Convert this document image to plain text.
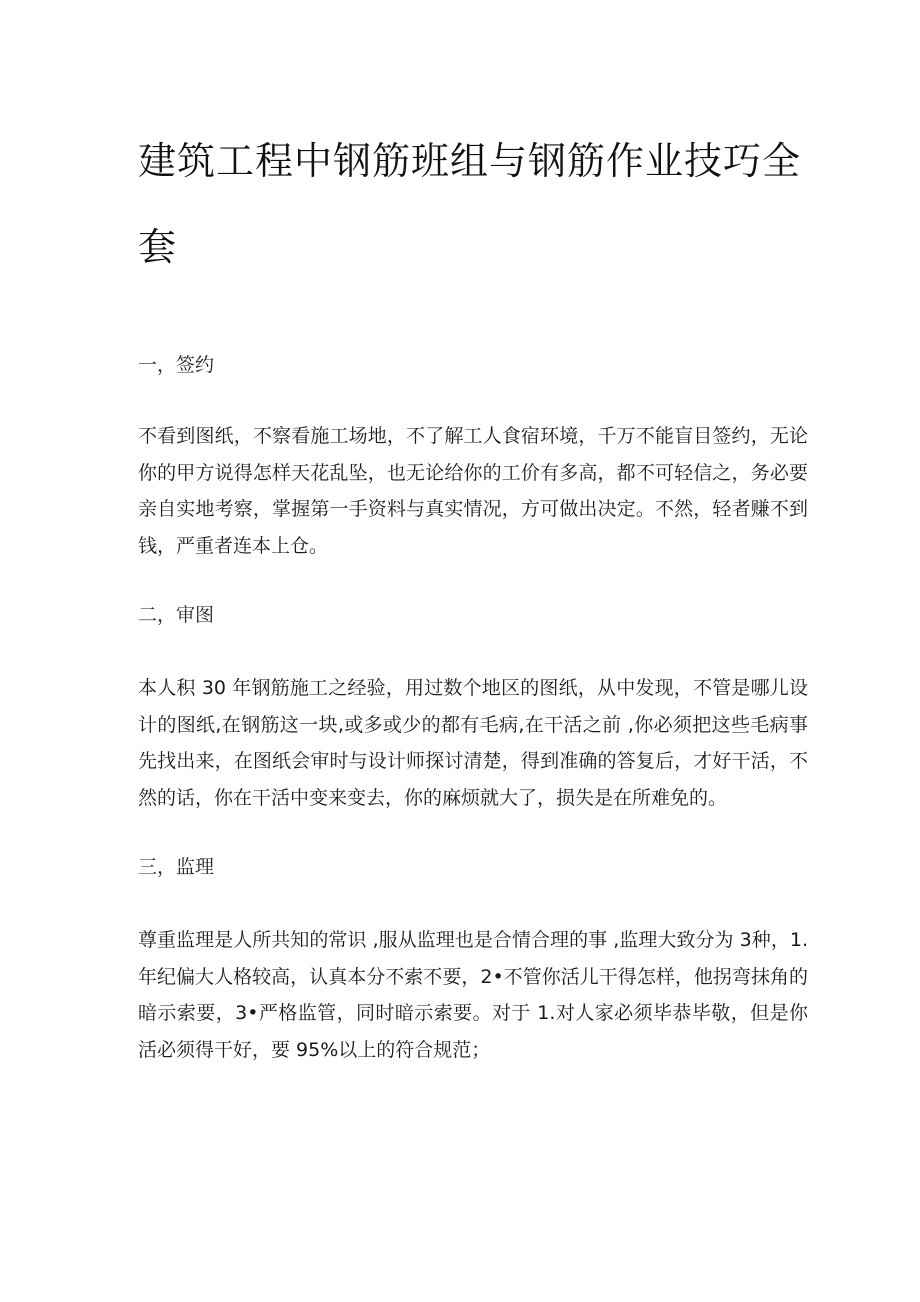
建筑工程中钢筋班组与钢筋作业技巧全套
一，签约

不看到图纸，不察看施工场地，不了解工人食宿环境，千万不能盲目签约，无论你的甲方说得怎样天花乱坠，也无论给你的工价有多高，都不可轻信之，务必要亲自实地考察，掌握第一手资料与真实情况，方可做出决定。不然，轻者赚不到钱，严重者连本上仓。

二，审图

本人积 30 年钢筋施工之经验，用过数个地区的图纸，从中发现，不管是哪儿设计的图纸,在钢筋这一块,或多或少的都有毛病,在干活之前 ,你必须把这些毛病事先找出来，在图纸会审时与设计师探讨清楚，得到准确的答复后，才好干活，不然的话，你在干活中变来变去，你的麻烦就大了，损失是在所难免的。

三，监理

尊重监理是人所共知的常识 ,服从监理也是合情合理的事 ,监理大致分为 3种，1.年纪偏大人格较高，认真本分不索不要，2•不管你活儿干得怎样，他拐弯抹角的暗示索要，3•严格监管，同时暗示索要。对于 1.对人家必须毕恭毕敬，但是你活必须得干好，要 95%以上的符合规范；
